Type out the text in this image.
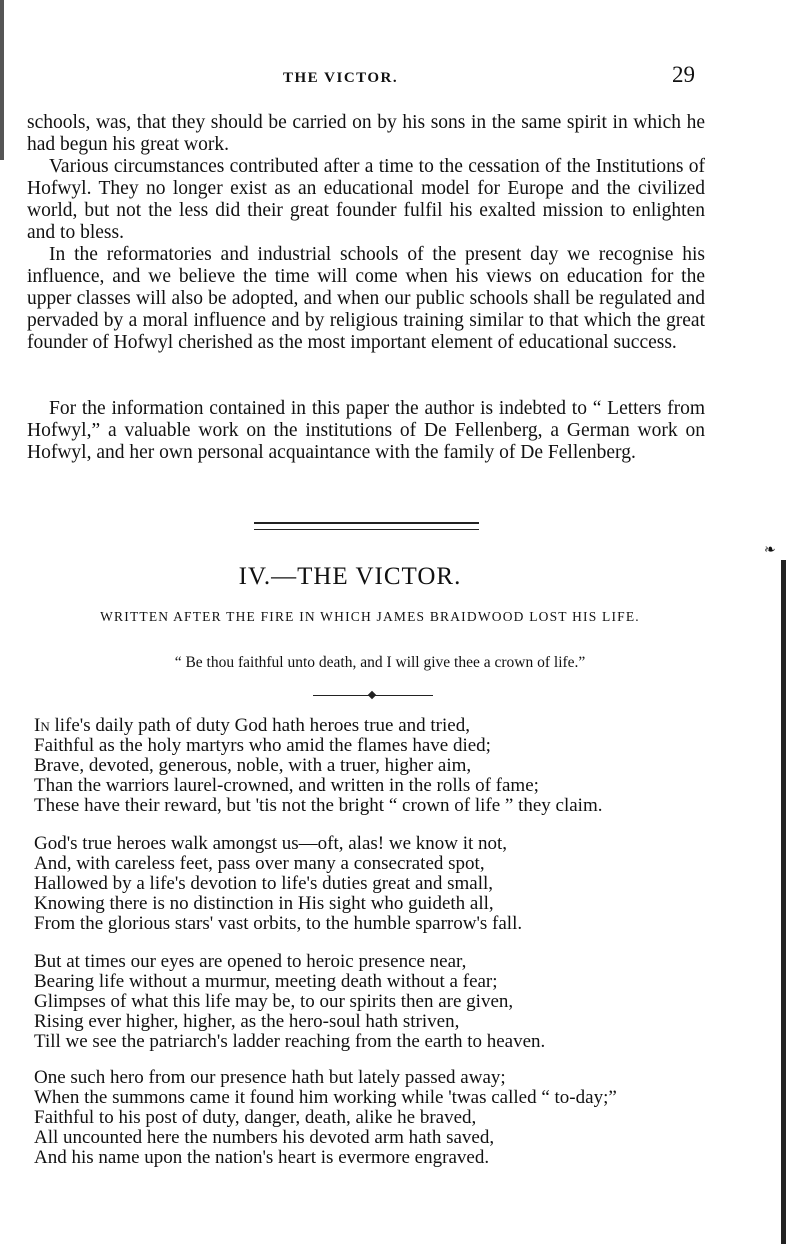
THE VICTOR.	29

schools, was, that they should be carried on by his sons in the same spirit in which he had begun his great work.

Various circumstances contributed after a time to the cessation of the Institutions of Hofwyl. They no longer exist as an educational model for Europe and the civilized world, but not the less did their great founder fulfil his exalted mission to enlighten and to bless.

In the reformatories and industrial schools of the present day we recognise his influence, and we believe the time will come when his views on education for the upper classes will also be adopted, and when our public schools shall be regulated and pervaded by a moral influence and by religious training similar to that which the great founder of Hofwyl cherished as the most important element of educational success.

For the information contained in this paper the author is indebted to “ Letters from Hofwyl,” a valuable work on the institutions of De Fellenberg, a German work on Hofwyl, and her own personal acquaintance with the family of De Fellenberg.

❧
IV.—THE VICTOR.

WRITTEN AFTER THE FIRE IN WHICH JAMES BRAIDWOOD LOST HIS LIFE.

“ Be thou faithful unto death, and I will give thee a crown of life.”

In life's daily path of duty God hath heroes true and tried,
Faithful as the holy martyrs who amid the flames have died;
Brave, devoted, generous, noble, with a truer, higher aim,
Than the warriors laurel-crowned, and written in the rolls of fame;
These have their reward, but 'tis not the bright “ crown of life ” they claim.
God's true heroes walk amongst us—oft, alas! we know it not,
And, with careless feet, pass over many a consecrated spot,
Hallowed by a life's devotion to life's duties great and small,
Knowing there is no distinction in His sight who guideth all,
From the glorious stars' vast orbits, to the humble sparrow's fall.
But at times our eyes are opened to heroic presence near,
Bearing life without a murmur, meeting death without a fear;
Glimpses of what this life may be, to our spirits then are given,
Rising ever higher, higher, as the hero-soul hath striven,
Till we see the patriarch's ladder reaching from the earth to heaven.
One such hero from our presence hath but lately passed away;
When the summons came it found him working while 'twas called “ to-day;”
Faithful to his post of duty, danger, death, alike he braved,
All uncounted here the numbers his devoted arm hath saved,
And his name upon the nation's heart is evermore engraved.
